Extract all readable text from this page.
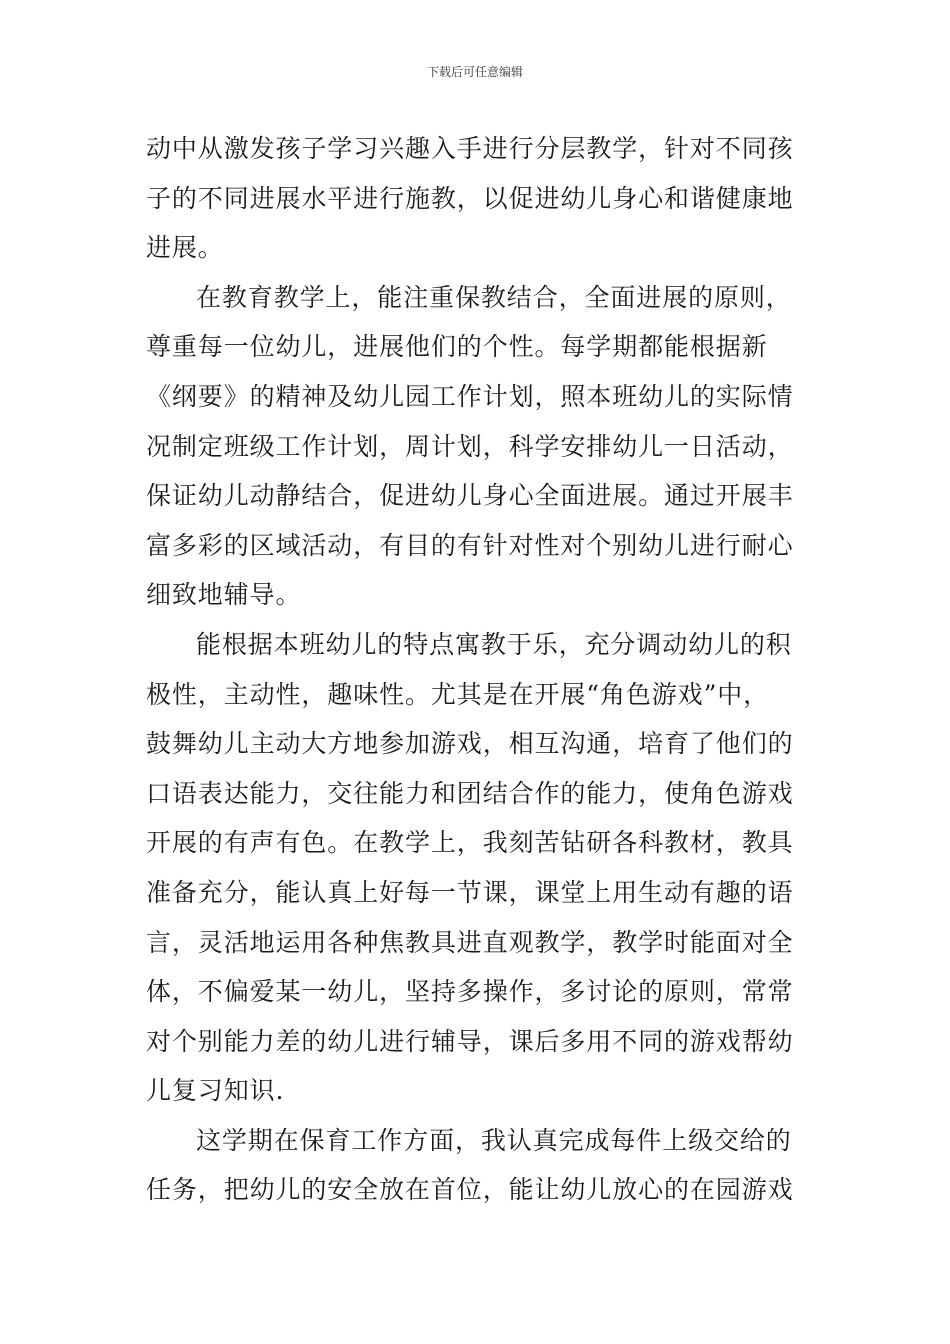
下载后可任意编辑
动中从激发孩子学习兴趣入手进行分层教学，针对不同孩
子的不同进展水平进行施教，以促进幼儿身心和谐健康地
进展。
在教育教学上，能注重保教结合，全面进展的原则，
尊重每一位幼儿，进展他们的个性。每学期都能根据新
《纲要》的精神及幼儿园工作计划，照本班幼儿的实际情
况制定班级工作计划，周计划，科学安排幼儿一日活动，
保证幼儿动静结合，促进幼儿身心全面进展。通过开展丰
富多彩的区域活动，有目的有针对性对个别幼儿进行耐心
细致地辅导。
能根据本班幼儿的特点寓教于乐，充分调动幼儿的积
极性，主动性，趣味性。尤其是在开展“角色游戏”中，
鼓舞幼儿主动大方地参加游戏，相互沟通，培育了他们的
口语表达能力，交往能力和团结合作的能力，使角色游戏
开展的有声有色。在教学上，我刻苦钻研各科教材，教具
准备充分，能认真上好每一节课，课堂上用生动有趣的语
言，灵活地运用各种焦教具进直观教学，教学时能面对全
体，不偏爱某一幼儿，坚持多操作，多讨论的原则，常常
对个别能力差的幼儿进行辅导，课后多用不同的游戏帮幼
儿复习知识.
这学期在保育工作方面，我认真完成每件上级交给的
任务，把幼儿的安全放在首位，能让幼儿放心的在园游戏
